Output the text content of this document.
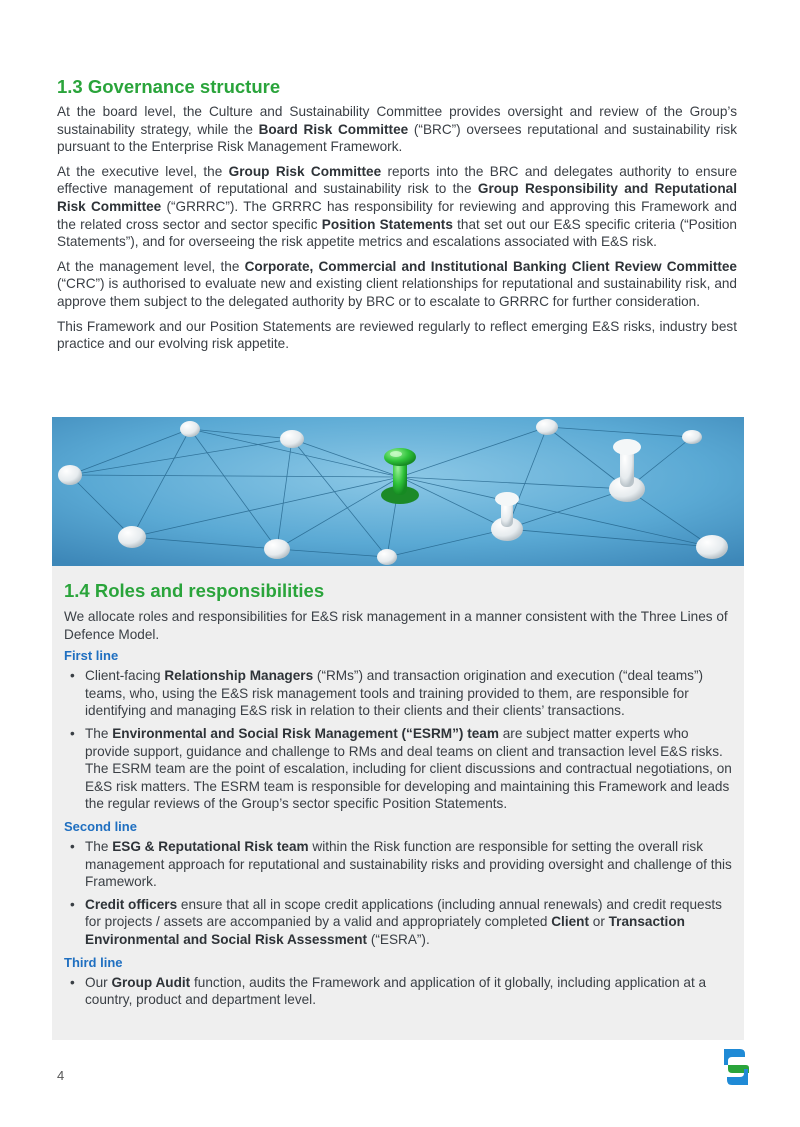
1.3 Governance structure

At the board level, the Culture and Sustainability Committee provides oversight and review of the Group’s sustainability strategy, while the Board Risk Committee (“BRC”) oversees reputational and sustainability risk pursuant to the Enterprise Risk Management Framework.

At the executive level, the Group Risk Committee reports into the BRC and delegates authority to ensure effective management of reputational and sustainability risk to the Group Responsibility and Reputational Risk Committee (“GRRRC”). The GRRRC has responsibility for reviewing and approving this Framework and the related cross sector and sector specific Position Statements that set out our E&S specific criteria (“Position Statements”), and for overseeing the risk appetite metrics and escalations associated with E&S risk.

At the management level, the Corporate, Commercial and Institutional Banking Client Review Committee (“CRC”) is authorised to evaluate new and existing client relationships for reputational and sustainability risk, and approve them subject to the delegated authority by BRC or to escalate to GRRRC for further consideration.

This Framework and our Position Statements are reviewed regularly to reflect emerging E&S risks, industry best practice and our evolving risk appetite.

1.4 Roles and responsibilities

We allocate roles and responsibilities for E&S risk management in a manner consistent with the Three Lines of Defence Model.

First line
• Client-facing Relationship Managers (“RMs”) and transaction origination and execution (“deal teams”) teams, who, using the E&S risk management tools and training provided to them, are responsible for identifying and managing E&S risk in relation to their clients and their clients’ transactions.
• The Environmental and Social Risk Management (“ESRM”) team are subject matter experts who provide support, guidance and challenge to RMs and deal teams on client and transaction level E&S risks. The ESRM team are the point of escalation, including for client discussions and contractual negotiations, on E&S risk matters. The ESRM team is responsible for developing and maintaining this Framework and leads the regular reviews of the Group’s sector specific Position Statements.
Second line
• The ESG & Reputational Risk team within the Risk function are responsible for setting the overall risk management approach for reputational and sustainability risks and providing oversight and challenge of this Framework.
• Credit officers ensure that all in scope credit applications (including annual renewals) and credit requests for projects / assets are accompanied by a valid and appropriately completed Client or Transaction Environmental and Social Risk Assessment (“ESRA”).
Third line
• Our Group Audit function, audits the Framework and application of it globally, including application at a country, product and department level.
4
